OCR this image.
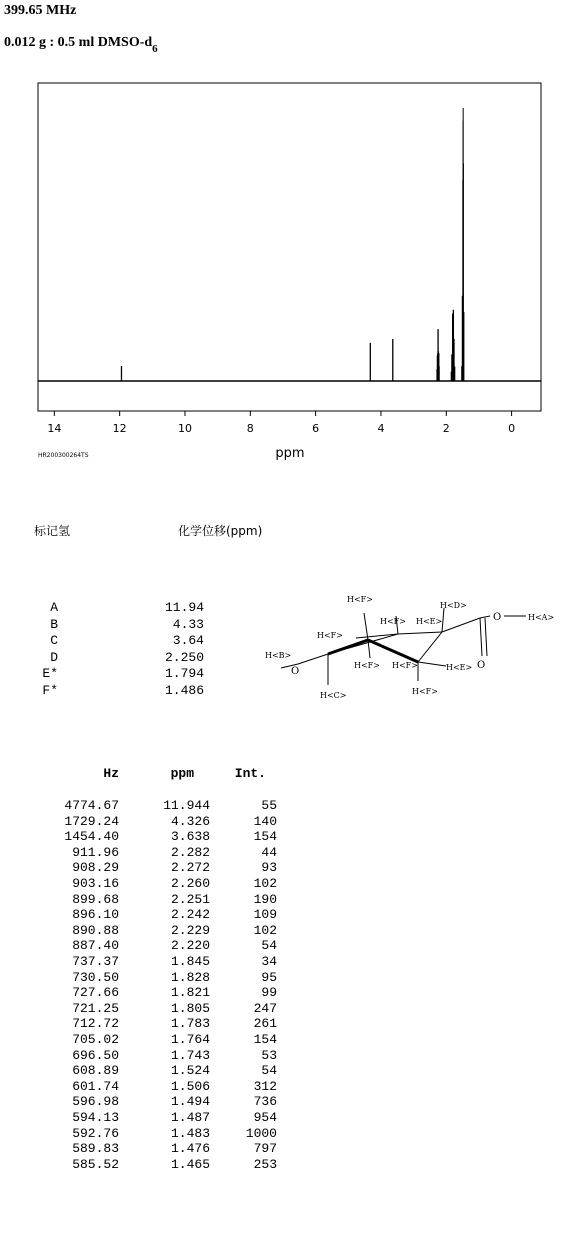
399.65 MHz
0.012 g : 0.5 ml DMSO-$d_6$
14	12	10	8	6	4	2	0
HR200300264TS	ppm
标记氢	化学位移(ppm)
A	11.94
B	4.33
C	3.64
D	2.250
E*	1.794
F*	1.486
H<F>
H<F> H<E>
H<D>
O	H<A>
H<F>
H<B>
O
O
H<E>
H<F> H<F>
H<C>	H<F>
Hz	ppm	Int.
4774.67	11.944	55
1729.24	4.326	140
1454.40	3.638	154
911.96	2.282	44
908.29	2.272	93
903.16	2.260	102
899.68	2.251	190
896.10	2.242	109
890.88	2.229	102
887.40	2.220	54
737.37	1.845	34
730.50	1.828	95
727.66	1.821	99
721.25	1.805	247
712.72	1.783	261
705.02	1.764	154
696.50	1.743	53
608.89	1.524	54
601.74	1.506	312
596.98	1.494	736
594.13	1.487	954
592.76	1.483	1000
589.83	1.476	797
585.52	1.465	253
